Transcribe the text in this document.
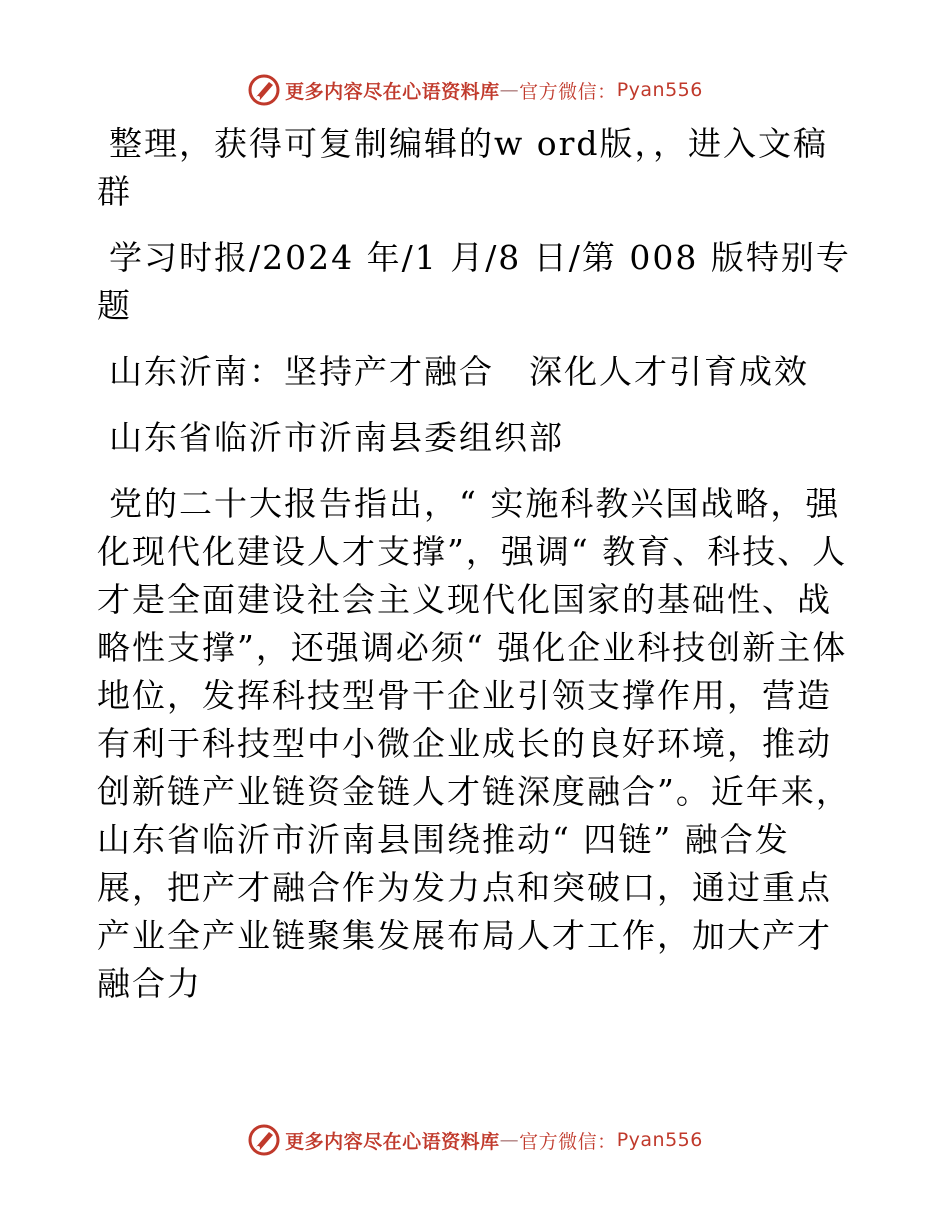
更多内容尽在心语资料库 — 官方微信： Pyan556

整理，获得可复制编辑的w ord版，，进入文稿群

学习时报/2024 年/1 月/8 日/第 008 版特别专题

山东沂南：坚持产才融合　深化人才引育成效

山东省临沂市沂南县委组织部

党的二十大报告指出，“ 实施科教兴国战略，强化现代化建设人才支撑”，强调“ 教育、科技、人才是全面建设社会主义现代化国家的基础性、战略性支撑”，还强调必须“ 强化企业科技创新主体地位，发挥科技型骨干企业引领支撑作用，营造有利于科技型中小微企业成长的良好环境，推动创新链产业链资金链人才链深度融合”。近年来，山东省临沂市沂南县围绕推动“ 四链” 融合发展，把产才融合作为发力点和突破口，通过重点产业全产业链聚集发展布局人才工作，加大产才融合力

更多内容尽在心语资料库 — 官方微信： Pyan556
